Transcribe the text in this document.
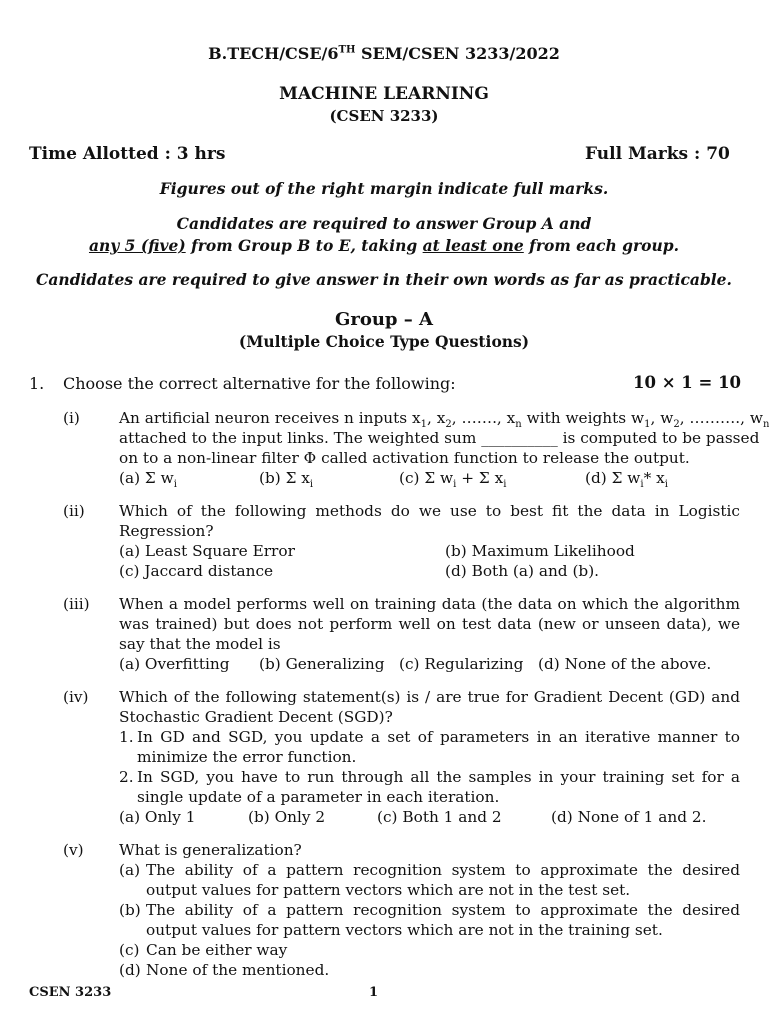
B.TECH/CSE/6TH SEM/CSEN 3233/2022
MACHINE LEARNING
(CSEN 3233)
Time Allotted : 3 hrs	Full Marks : 70
Figures out of the right margin indicate full marks.
Candidates are required to answer Group A and
any 5 (five) from Group B to E, taking at least one from each group.
Candidates are required to give answer in their own words as far as practicable.
Group – A
(Multiple Choice Type Questions)
1. Choose the correct alternative for the following:	10 × 1 = 10
(i)	An artificial neuron receives n inputs $x_1$, $x_2$, ……., $x_n$ with weights $w_1$, $w_2$, ………., $w_n$
attached to the input links. The weighted sum __________ is computed to be passed
on to a non-linear filter Φ called activation function to release the output.
(a) Σ $w_i$	(b) Σ $x_i$	(c) Σ $w_i + \Sigma$ $x_i$	(d) Σ $w_i*$ $x_i$
(ii) Which of the following methods do we use to best fit the data in Logistic Regression?
(a) Least Square Error	(b) Maximum Likelihood
(c) Jaccard distance	(d) Both (a) and (b).
(iii) When a model performs well on training data (the data on which the algorithm was trained) but does not perform well on test data (new or unseen data), we say that the model is
(a) Overfitting (b) Generalizing (c) Regularizing (d) None of the above.
(iv) Which of the following statement(s) is / are true for Gradient Decent (GD) and Stochastic Gradient Decent (SGD)?
1. In GD and SGD, you update a set of parameters in an iterative manner to minimize the error function.
2. In SGD, you have to run through all the samples in your training set for a single update of a parameter in each iteration.
(a) Only 1	(b) Only 2	(c) Both 1 and 2	(d) None of 1 and 2.
(v) What is generalization?
(a) The ability of a pattern recognition system to approximate the desired output values for pattern vectors which are not in the test set.
(b) The ability of a pattern recognition system to approximate the desired output values for pattern vectors which are not in the training set.
(c) Can be either way
(d) None of the mentioned.
CSEN 3233	1
